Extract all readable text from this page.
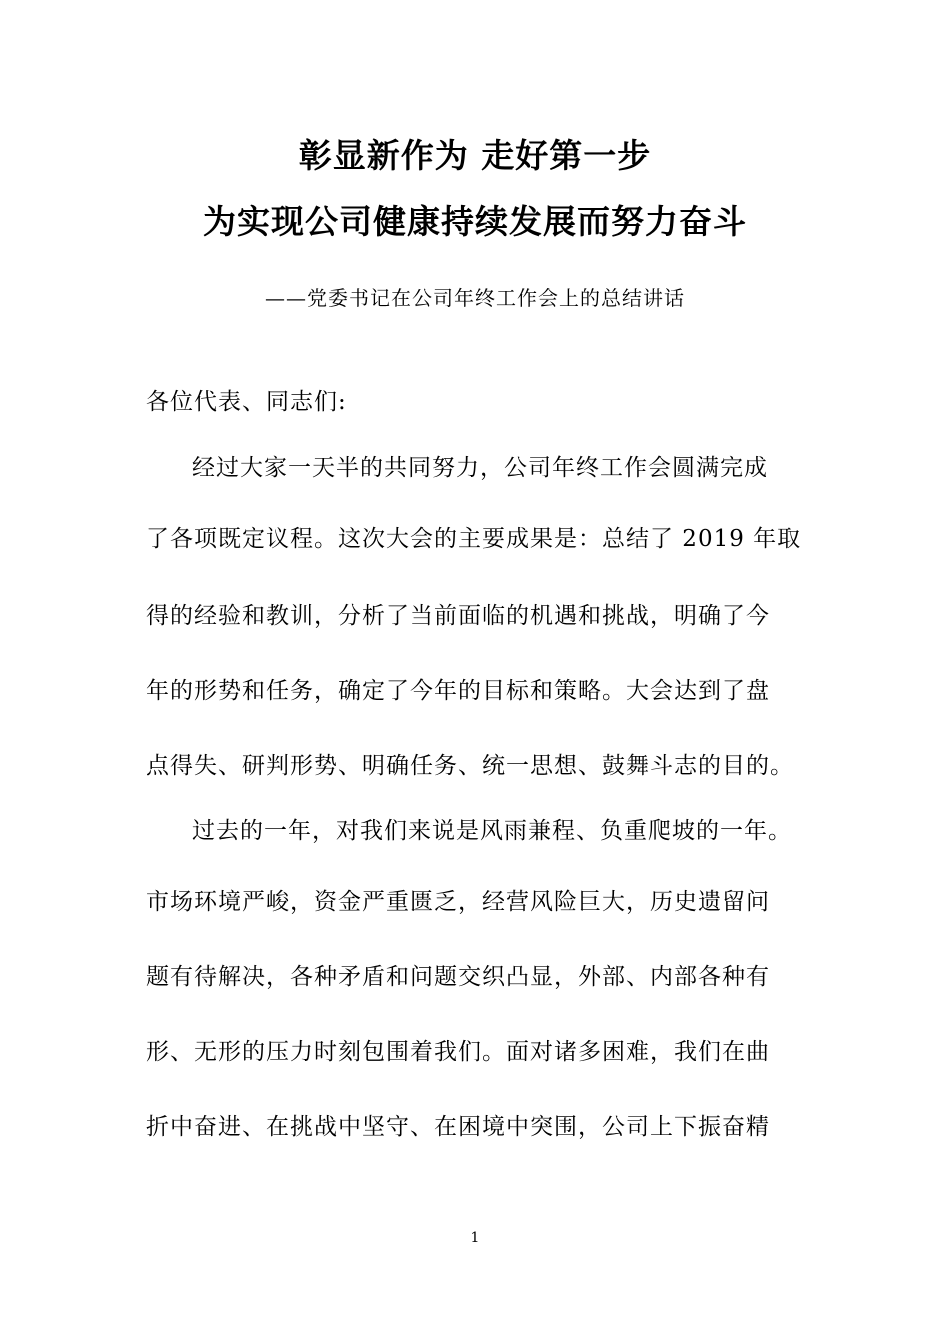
彰显新作为 走好第一步
为实现公司健康持续发展而努力奋斗
——党委书记在公司年终工作会上的总结讲话
各位代表、同志们:
经过大家一天半的共同努力，公司年终工作会圆满完成
了各项既定议程。这次大会的主要成果是：总结了 2019 年取
得的经验和教训，分析了当前面临的机遇和挑战，明确了今
年的形势和任务，确定了今年的目标和策略。大会达到了盘
点得失、研判形势、明确任务、统一思想、鼓舞斗志的目的。
过去的一年，对我们来说是风雨兼程、负重爬坡的一年。
市场环境严峻，资金严重匮乏，经营风险巨大，历史遗留问
题有待解决，各种矛盾和问题交织凸显，外部、内部各种有
形、无形的压力时刻包围着我们。面对诸多困难，我们在曲
折中奋进、在挑战中坚守、在困境中突围，公司上下振奋精
1
